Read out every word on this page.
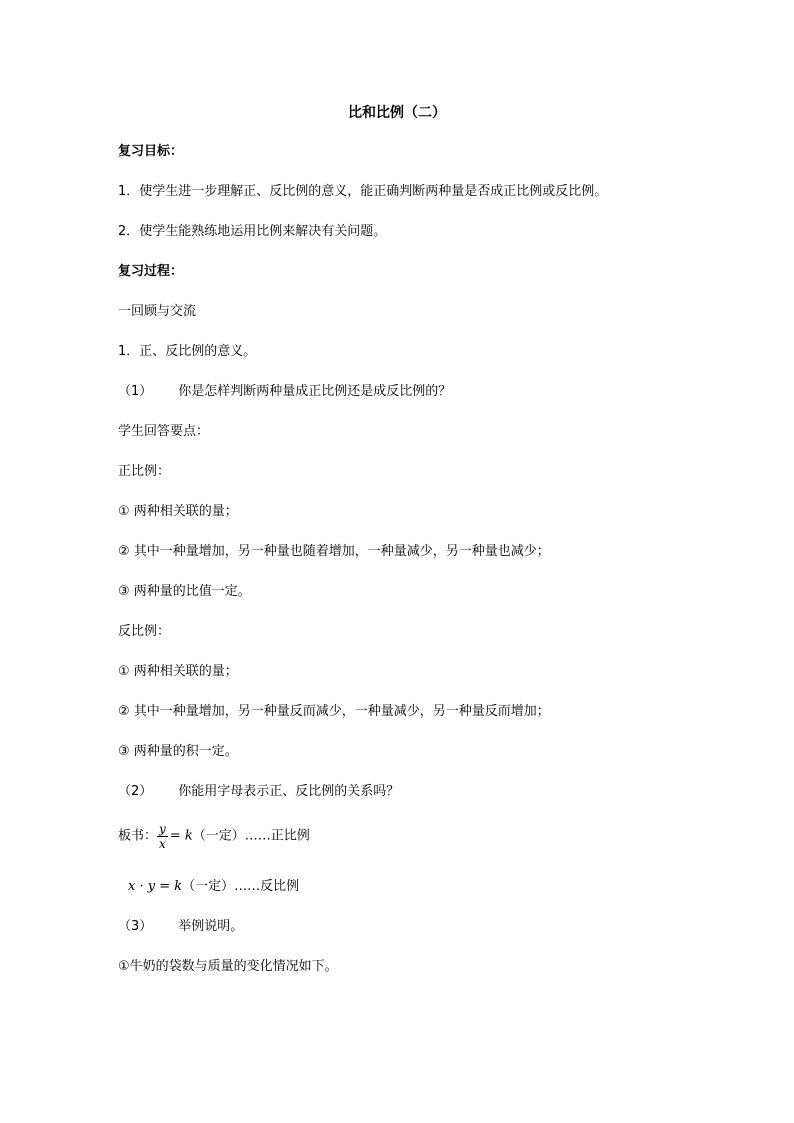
比和比例（二）
复习目标：
1．使学生进一步理解正、反比例的意义，能正确判断两种量是否成正比例或反比例。
2．使学生能熟练地运用比例来解决有关问题。
复习过程：
一回顾与交流
1．正、反比例的意义。
（1） 你是怎样判断两种量成正比例还是成反比例的？
学生回答要点：
正比例：
① 两种相关联的量；
② 其中一种量增加，另一种量也随着增加，一种量减少，另一种量也减少；
③ 两种量的比值一定。
反比例：
① 两种相关联的量；
② 其中一种量增加，另一种量反而减少，一种量减少，另一种量反而增加；
③ 两种量的积一定。
（2） 你能用字母表示正、反比例的关系吗？
板书： $\frac{y}{x} = k$（一定）……正比例
x · y = k（一定）……反比例
（3） 举例说明。
①牛奶的袋数与质量的变化情况如下。
